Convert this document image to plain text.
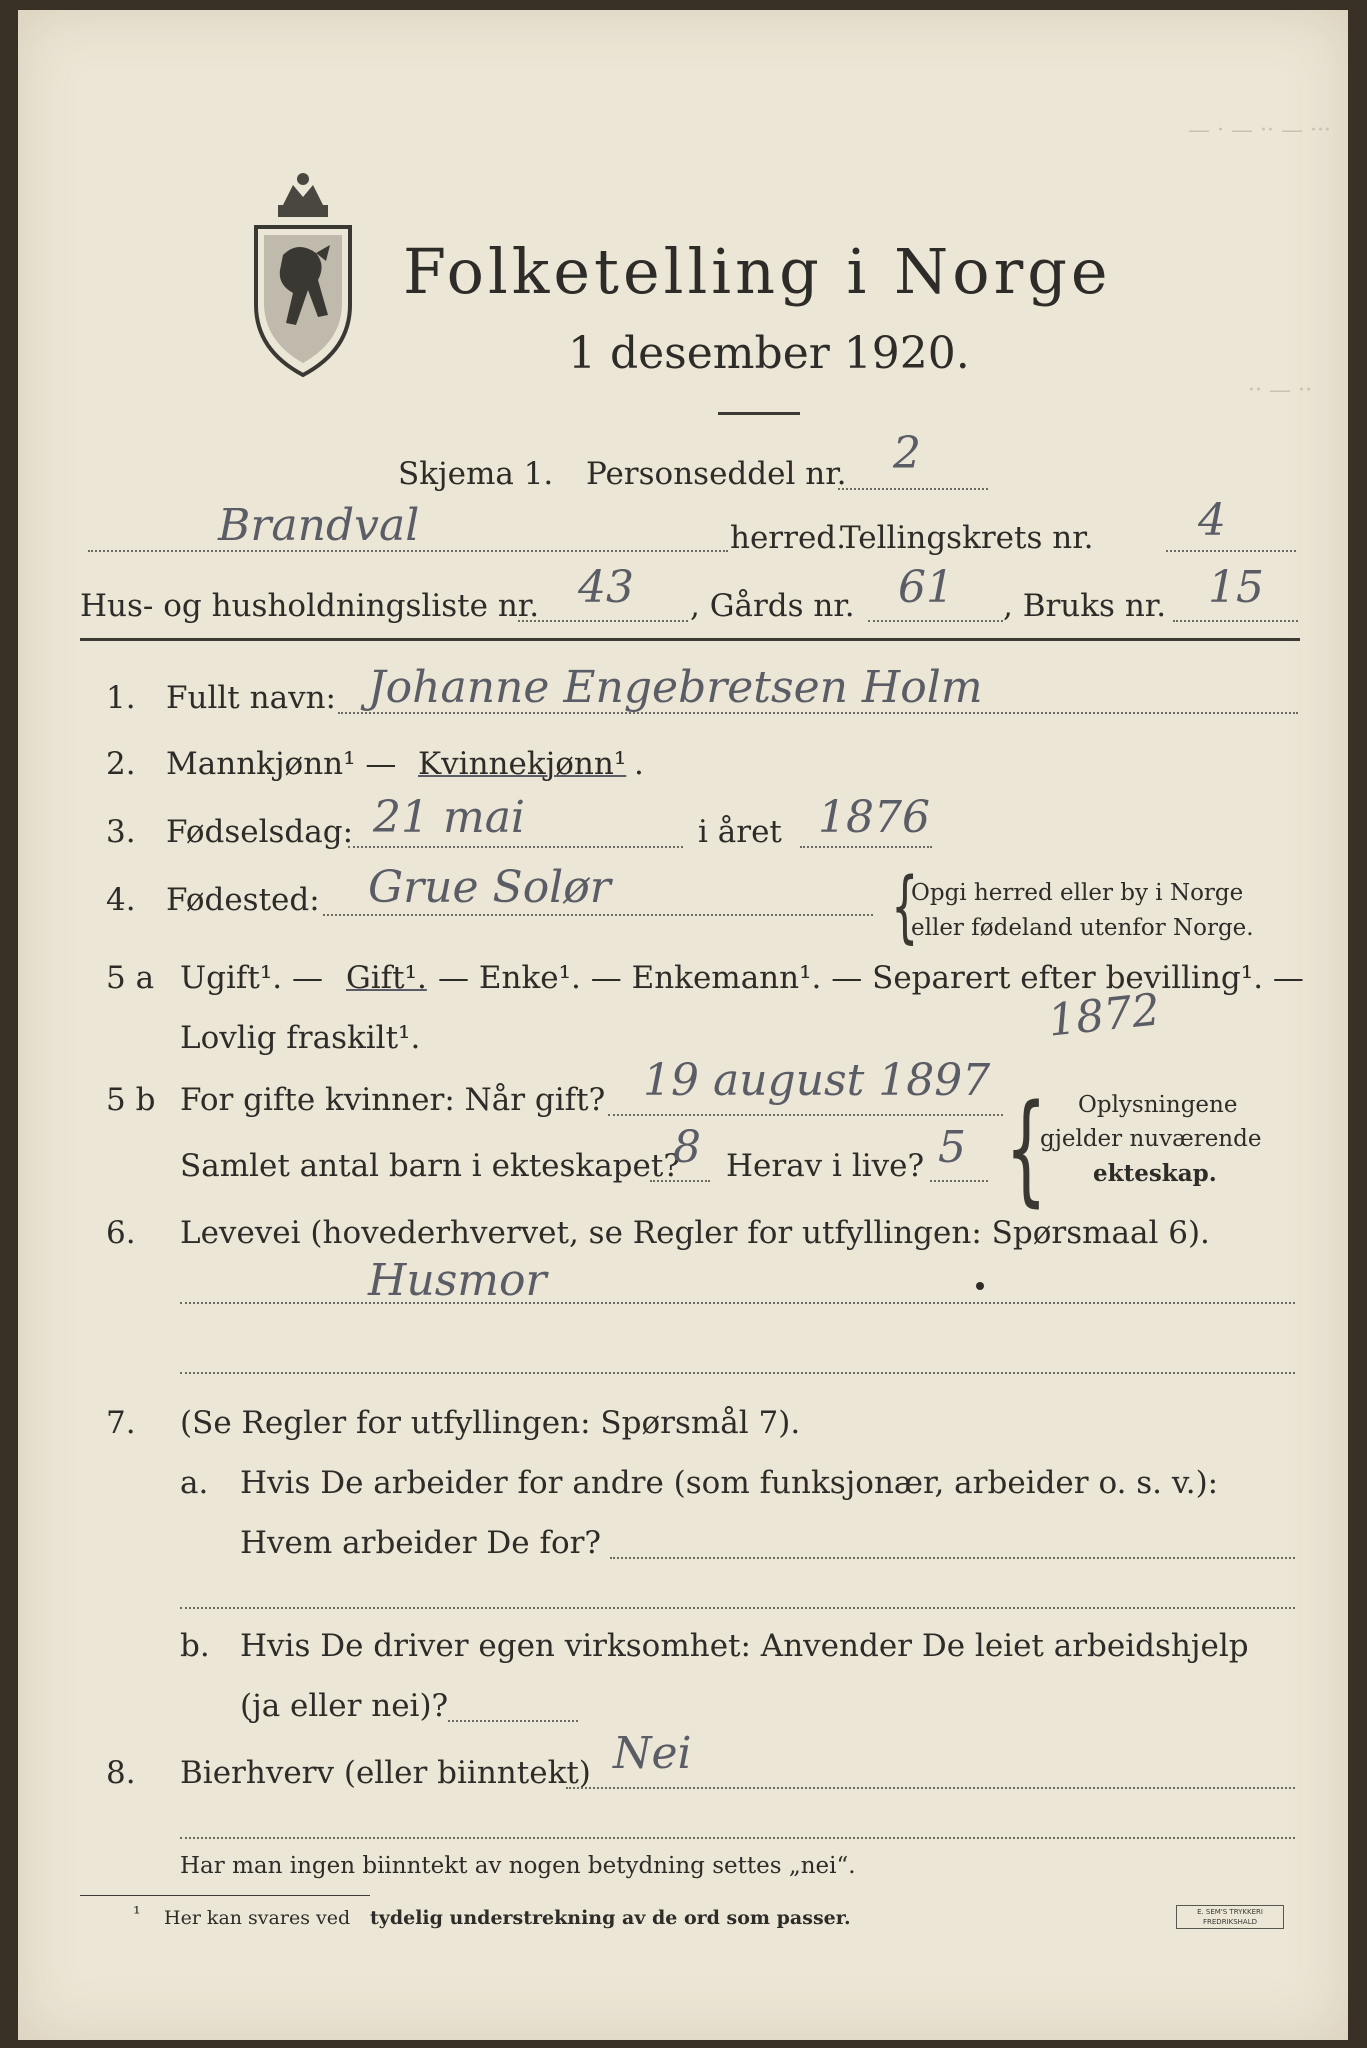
— · — ·· — ···
·· — ··
Folketelling i Norge
1 desember 1920.
Skjema 1. Personseddel nr. 2
Brandval	herred.
Tellingskrets nr. 4
Hus- og husholdningsliste nr. 43 , Gårds nr. 61 , Bruks nr. 15
1. Fullt navn: Johanne Engebretsen Holm
2. Mannkjønn¹ — Kvinnekjønn¹ .
3. Fødselsdag: 21 mai	i året 1876
4. Fødested: Grue Solør	{
Opgi herred eller by i Norge
eller fødeland utenfor Norge.
5 a Ugift¹. — Gift¹. — Enke¹. — Enkemann¹. — Separert efter bevilling¹. —
Lovlig fraskilt¹.	1872
5 b For gifte kvinner: Når gift? 19 august 1897
Samlet antal barn i ekteskapet?
8 Herav i live? 5 { Oplysningene
gjelder nuværende
ekteskap.
6. Levevei (hovederhvervet, se Regler for utfyllingen: Spørsmaal 6).
Husmor
7. (Se Regler for utfyllingen: Spørsmål 7).
a. Hvis De arbeider for andre (som funksjonær, arbeider o. s. v.):
Hvem arbeider De for?
b. Hvis De driver egen virksomhet: Anvender De leiet arbeidshjelp
(ja eller nei)?
8. Bierhverv (eller biinntekt) Nei
Har man ingen biinntekt av nogen betydning settes „nei“.
¹ Her kan svares ved tydelig understrekning av de ord som passer.	E. SEM'S TRYKKERI
FREDRIKSHALD
